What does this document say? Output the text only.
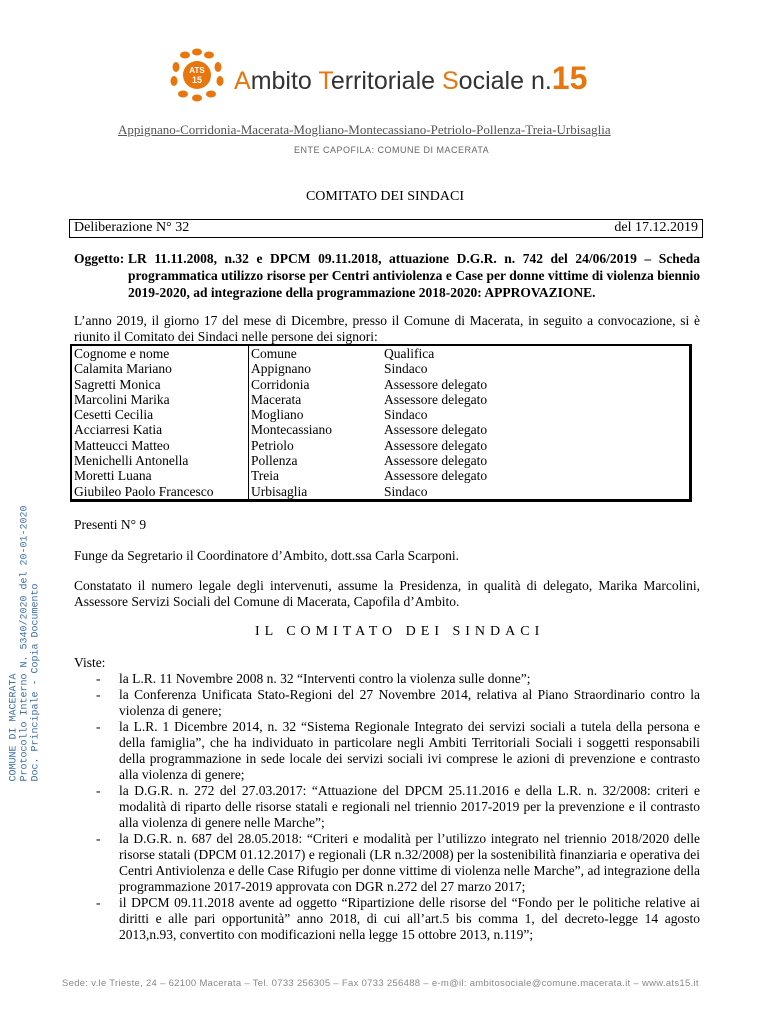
ATS
15 Ambito Territoriale Sociale n.15
Appignano-Corridonia-Macerata-Mogliano-Montecassiano-Petriolo-Pollenza-Treia-Urbisaglia
ENTE CAPOFILA: COMUNE DI MACERATA
COMUNE DI MACERATA Protocollo Interno N. 5340/2020 del 20-01-2020 Doc. Principale - Copia Documento
COMITATO DEI SINDACI
Deliberazione N° 32	del 17.12.2019
Oggetto: LR 11.11.2008, n.32 e DPCM 09.11.2018, attuazione D.G.R. n. 742 del 24/06/2019 – Scheda programmatica utilizzo risorse per Centri antiviolenza e Case per donne vittime di violenza biennio 2019-2020, ad integrazione della programmazione 2018-2020: APPROVAZIONE.
L’anno 2019, il giorno 17 del mese di Dicembre, presso il Comune di Macerata, in seguito a convocazione, si è riunito il Comitato dei Sindaci nelle persone dei signori:
Cognome e nome	Comune	Qualifica
Calamita Mariano	Appignano	Sindaco
Sagretti Monica	Corridonia	Assessore delegato
Marcolini Marika	Macerata	Assessore delegato
Cesetti Cecilia	Mogliano	Sindaco
Acciarresi Katia	Montecassiano	Assessore delegato
Matteucci Matteo	Petriolo	Assessore delegato
Menichelli Antonella	Pollenza	Assessore delegato
Moretti Luana	Treia	Assessore delegato
Giubileo Paolo Francesco	Urbisaglia	Sindaco
Presenti N° 9
Funge da Segretario il Coordinatore d’Ambito, dott.ssa Carla Scarponi.
Constatato il numero legale degli intervenuti, assume la Presidenza, in qualità di delegato, Marika Marcolini, Assessore Servizi Sociali del Comune di Macerata, Capofila d’Ambito.
IL COMITATO DEI SINDACI
Viste:
- la L.R. 11 Novembre 2008 n. 32 “Interventi contro la violenza sulle donne”;
- la Conferenza Unificata Stato-Regioni del 27 Novembre 2014, relativa al Piano Straordinario contro la violenza di genere;
- la L.R. 1 Dicembre 2014, n. 32 “Sistema Regionale Integrato dei servizi sociali a tutela della persona e della famiglia”, che ha individuato in particolare negli Ambiti Territoriali Sociali i soggetti responsabili della programmazione in sede locale dei servizi sociali ivi comprese le azioni di prevenzione e contrasto alla violenza di genere;
- la D.G.R. n. 272 del 27.03.2017: “Attuazione del DPCM 25.11.2016 e della L.R. n. 32/2008: criteri e modalità di riparto delle risorse statali e regionali nel triennio 2017-2019 per la prevenzione e il contrasto alla violenza di genere nelle Marche”;
- la D.G.R. n. 687 del 28.05.2018: “Criteri e modalità per l’utilizzo integrato nel triennio 2018/2020 delle risorse statali (DPCM 01.12.2017) e regionali (LR n.32/2008) per la sostenibilità finanziaria e operativa dei Centri Antiviolenza e delle Case Rifugio per donne vittime di violenza nelle Marche”, ad integrazione della programmazione 2017-2019 approvata con DGR n.272 del 27 marzo 2017;
- il DPCM 09.11.2018 avente ad oggetto “Ripartizione delle risorse del “Fondo per le politiche relative ai diritti e alle pari opportunità” anno 2018, di cui all’art.5 bis comma 1, del decreto-legge 14 agosto 2013,n.93, convertito con modificazioni nella legge 15 ottobre 2013, n.119”;
Sede: v.le Trieste, 24 – 62100 Macerata – Tel. 0733 256305 – Fax 0733 256488 – e-m@il: ambitosociale@comune.macerata.it – www.ats15.it
